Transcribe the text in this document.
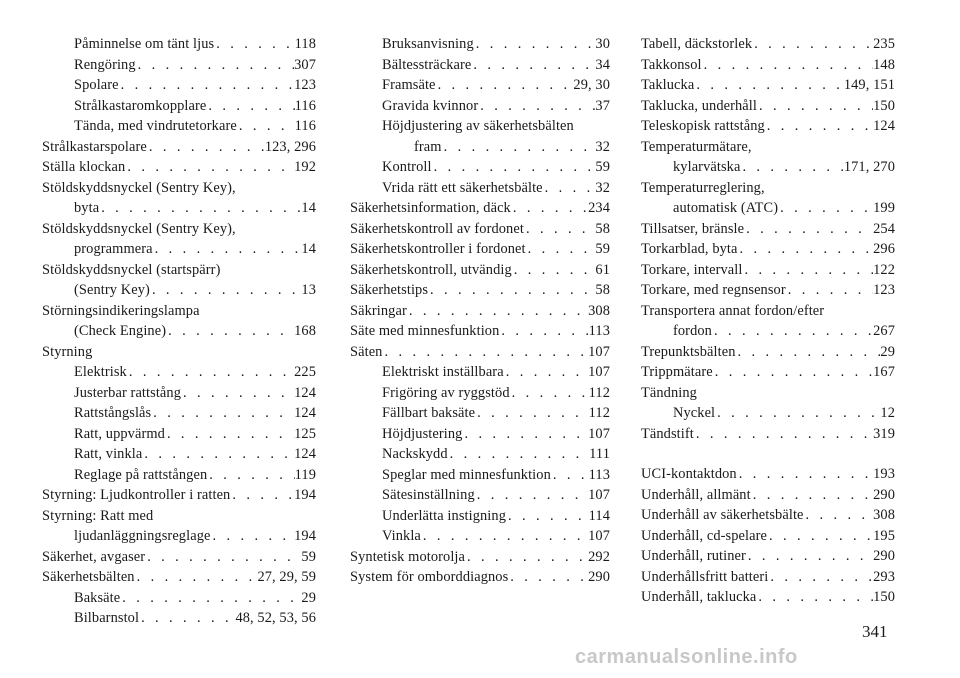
Påminnelse om tänt ljus . . .	118
Rengöring . . .	307
Spolare . . .	123
Strålkastaromkopplare . . .	116
Tända, med vindrutetorkare . . .	116
Strålkastarspolare . . .	123, 296
Ställa klockan . . .	192
Stöldskyddsnyckel (Sentry Key),
byta . . .	14
Stöldskyddsnyckel (Sentry Key),
programmera . . .	14
Stöldskyddsnyckel (startspärr)
(Sentry Key) . . .	13
Störningsindikeringslampa
(Check Engine) . . .	168
Styrning
Elektrisk . . .	225
Justerbar rattstång . . .	124
Rattstångslås . . .	124
Ratt, uppvärmd . . .	125
Ratt, vinkla . . .	124
Reglage på rattstången . . .	119
Styrning: Ljudkontroller i ratten . . .	194
Styrning: Ratt med
ljudanläggningsreglage . . .	194
Säkerhet, avgaser . . .	59
Säkerhetsbälten . . .	27, 29, 59
Baksäte . . .	29
Bilbarnstol . . .	48, 52, 53, 56
Bruksanvisning . . .	30
Bältessträckare . . .	34
Framsäte . . .	29, 30
Gravida kvinnor . . .	37
Höjdjustering av säkerhetsbälten
fram . . .	32
Kontroll . . .	59
Vrida rätt ett säkerhetsbälte . . .	32
Säkerhetsinformation, däck . . .	234
Säkerhetskontroll av fordonet . . .	58
Säkerhetskontroller i fordonet . . .	59
Säkerhetskontroll, utvändig . . .	61
Säkerhetstips . . .	58
Säkringar . . .	308
Säte med minnesfunktion . . .	113
Säten . . .	107
Elektriskt inställbara . . .	107
Frigöring av ryggstöd . . .	112
Fällbart baksäte . . .	112
Höjdjustering . . .	107
Nackskydd . . .	111
Speglar med minnesfunktion . . .	113
Sätesinställning . . .	107
Underlätta instigning . . .	114
Vinkla . . .	107
Syntetisk motorolja . . .	292
System för omborddiagnos . . .	290
Tabell, däckstorlek . . .	235
Takkonsol . . .	148
Taklucka . . .	149, 151
Taklucka, underhåll . . .	150
Teleskopisk rattstång . . .	124
Temperaturmätare,
kylarvätska . . .	171, 270
Temperaturreglering,
automatisk (ATC) . . .	199
Tillsatser, bränsle . . .	254
Torkarblad, byta . . .	296
Torkare, intervall . . .	122
Torkare, med regnsensor . . .	123
Transportera annat fordon/efter
fordon . . .	267
Trepunktsbälten . . .	29
Trippmätare . . .	167
Tändning
Nyckel . . .	12
Tändstift . . .	319
UCI-kontaktdon . . .	193
Underhåll, allmänt . . .	290
Underhåll av säkerhetsbälte . . .	308
Underhåll, cd-spelare . . .	195
Underhåll, rutiner . . .	290
Underhållsfritt batteri . . .	293
Underhåll, taklucka . . .	150
341
carmanualsonline.info
